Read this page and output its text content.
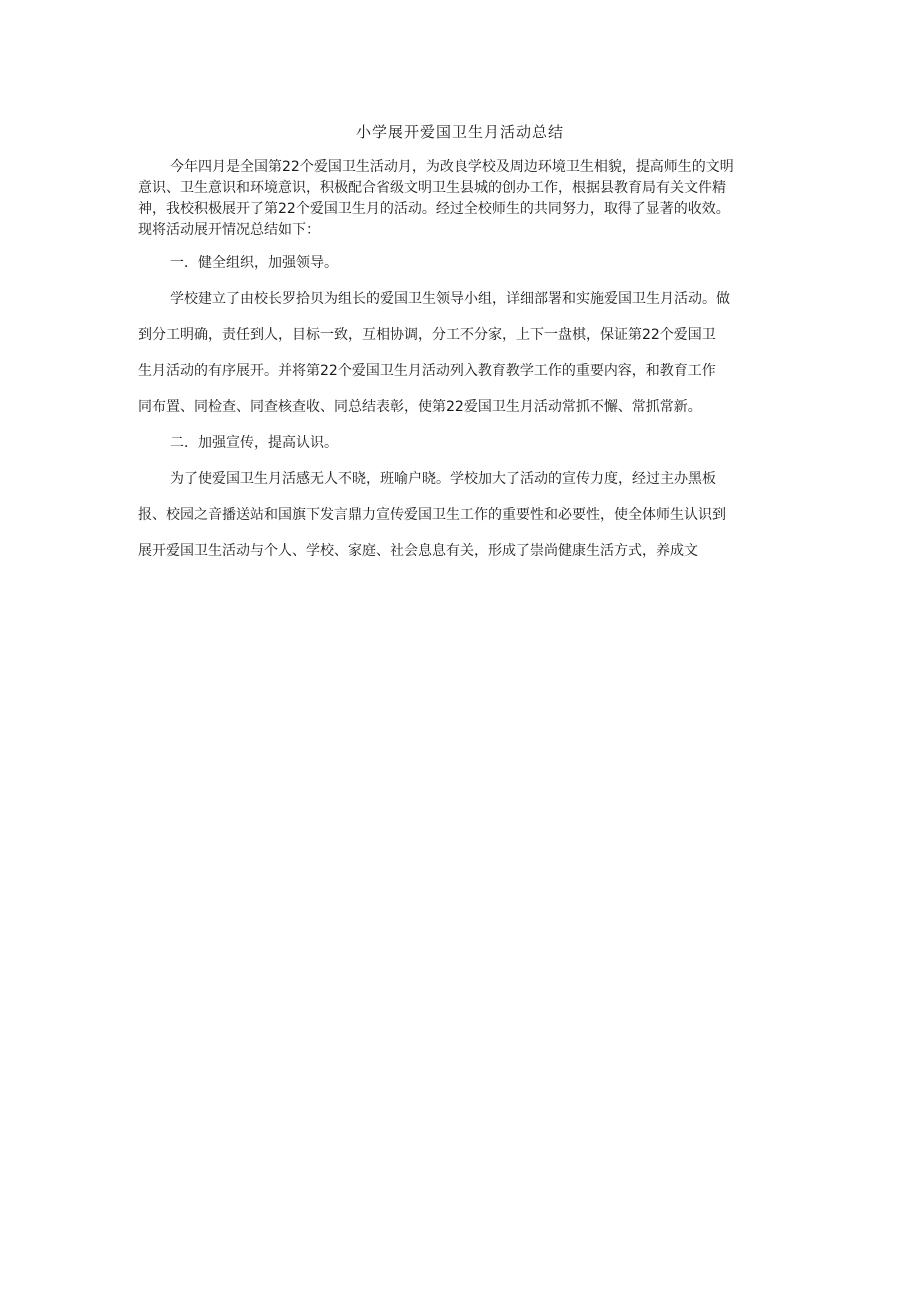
小学展开爱国卫生月活动总结
今年四月是全国第22个爱国卫生活动月，为改良学校及周边环境卫生相貌，提高师生的文明
意识、卫生意识和环境意识，积极配合省级文明卫生县城的创办工作，根据县教育局有关文件精
神，我校积极展开了第22个爱国卫生月的活动。经过全校师生的共同努力，取得了显著的收效。
现将活动展开情况总结如下：
一．健全组织，加强领导。
学校建立了由校长罗拾贝为组长的爱国卫生领导小组，详细部署和实施爱国卫生月活动。做
到分工明确，责任到人，目标一致，互相协调，分工不分家，上下一盘棋，保证第22个爱国卫
生月活动的有序展开。并将第22个爱国卫生月活动列入教育教学工作的重要内容，和教育工作
同布置、同检查、同查核查收、同总结表彰，使第22爱国卫生月活动常抓不懈、常抓常新。
二．加强宣传，提高认识。
为了使爱国卫生月活感无人不晓，班喻户晓。学校加大了活动的宣传力度，经过主办黑板
报、校园之音播送站和国旗下发言鼎力宣传爱国卫生工作的重要性和必要性，使全体师生认识到
展开爱国卫生活动与个人、学校、家庭、社会息息有关，形成了崇尚健康生活方式，养成文
